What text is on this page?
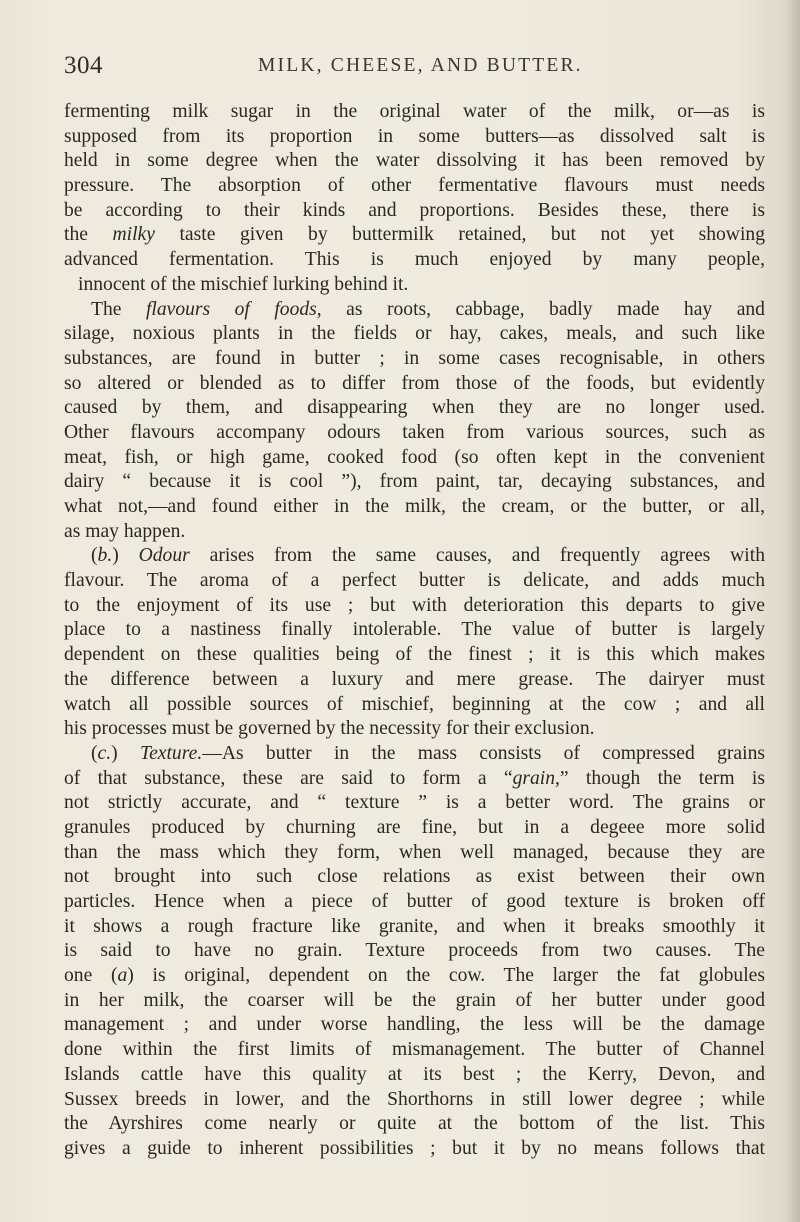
304	MILK, CHEESE, AND BUTTER.
fermenting milk sugar in the original water of the milk, or—as is
supposed from its proportion in some butters—as dissolved salt is
held in some degree when the water dissolving it has been removed by
pressure. The absorption of other fermentative flavours must needs
be according to their kinds and proportions. Besides these, there is
the milky taste given by buttermilk retained, but not yet showing
advanced fermentation. This is much enjoyed by many people,
innocent of the mischief lurking behind it.
The flavours of foods, as roots, cabbage, badly made hay and
silage, noxious plants in the fields or hay, cakes, meals, and such like
substances, are found in butter ; in some cases recognisable, in others
so altered or blended as to differ from those of the foods, but evidently
caused by them, and disappearing when they are no longer used.
Other flavours accompany odours taken from various sources, such as
meat, fish, or high game, cooked food (so often kept in the convenient
dairy “ because it is cool ”), from paint, tar, decaying substances, and
what not,—and found either in the milk, the cream, or the butter, or all,
as may happen.
(b.) Odour arises from the same causes, and frequently agrees with
flavour. The aroma of a perfect butter is delicate, and adds much
to the enjoyment of its use ; but with deterioration this departs to give
place to a nastiness finally intolerable. The value of butter is largely
dependent on these qualities being of the finest ; it is this which makes
the difference between a luxury and mere grease. The dairyer must
watch all possible sources of mischief, beginning at the cow ; and all
his processes must be governed by the necessity for their exclusion.
(c.) Texture.—As butter in the mass consists of compressed grains
of that substance, these are said to form a “grain,” though the term is
not strictly accurate, and “ texture ” is a better word. The grains or
granules produced by churning are fine, but in a degeee more solid
than the mass which they form, when well managed, because they are
not brought into such close relations as exist between their own
particles. Hence when a piece of butter of good texture is broken off
it shows a rough fracture like granite, and when it breaks smoothly it
is said to have no grain. Texture proceeds from two causes. The
one (a) is original, dependent on the cow. The larger the fat globules
in her milk, the coarser will be the grain of her butter under good
management ; and under worse handling, the less will be the damage
done within the first limits of mismanagement. The butter of Channel
Islands cattle have this quality at its best ; the Kerry, Devon, and
Sussex breeds in lower, and the Shorthorns in still lower degree ; while
the Ayrshires come nearly or quite at the bottom of the list. This
gives a guide to inherent possibilities ; but it by no means follows that
